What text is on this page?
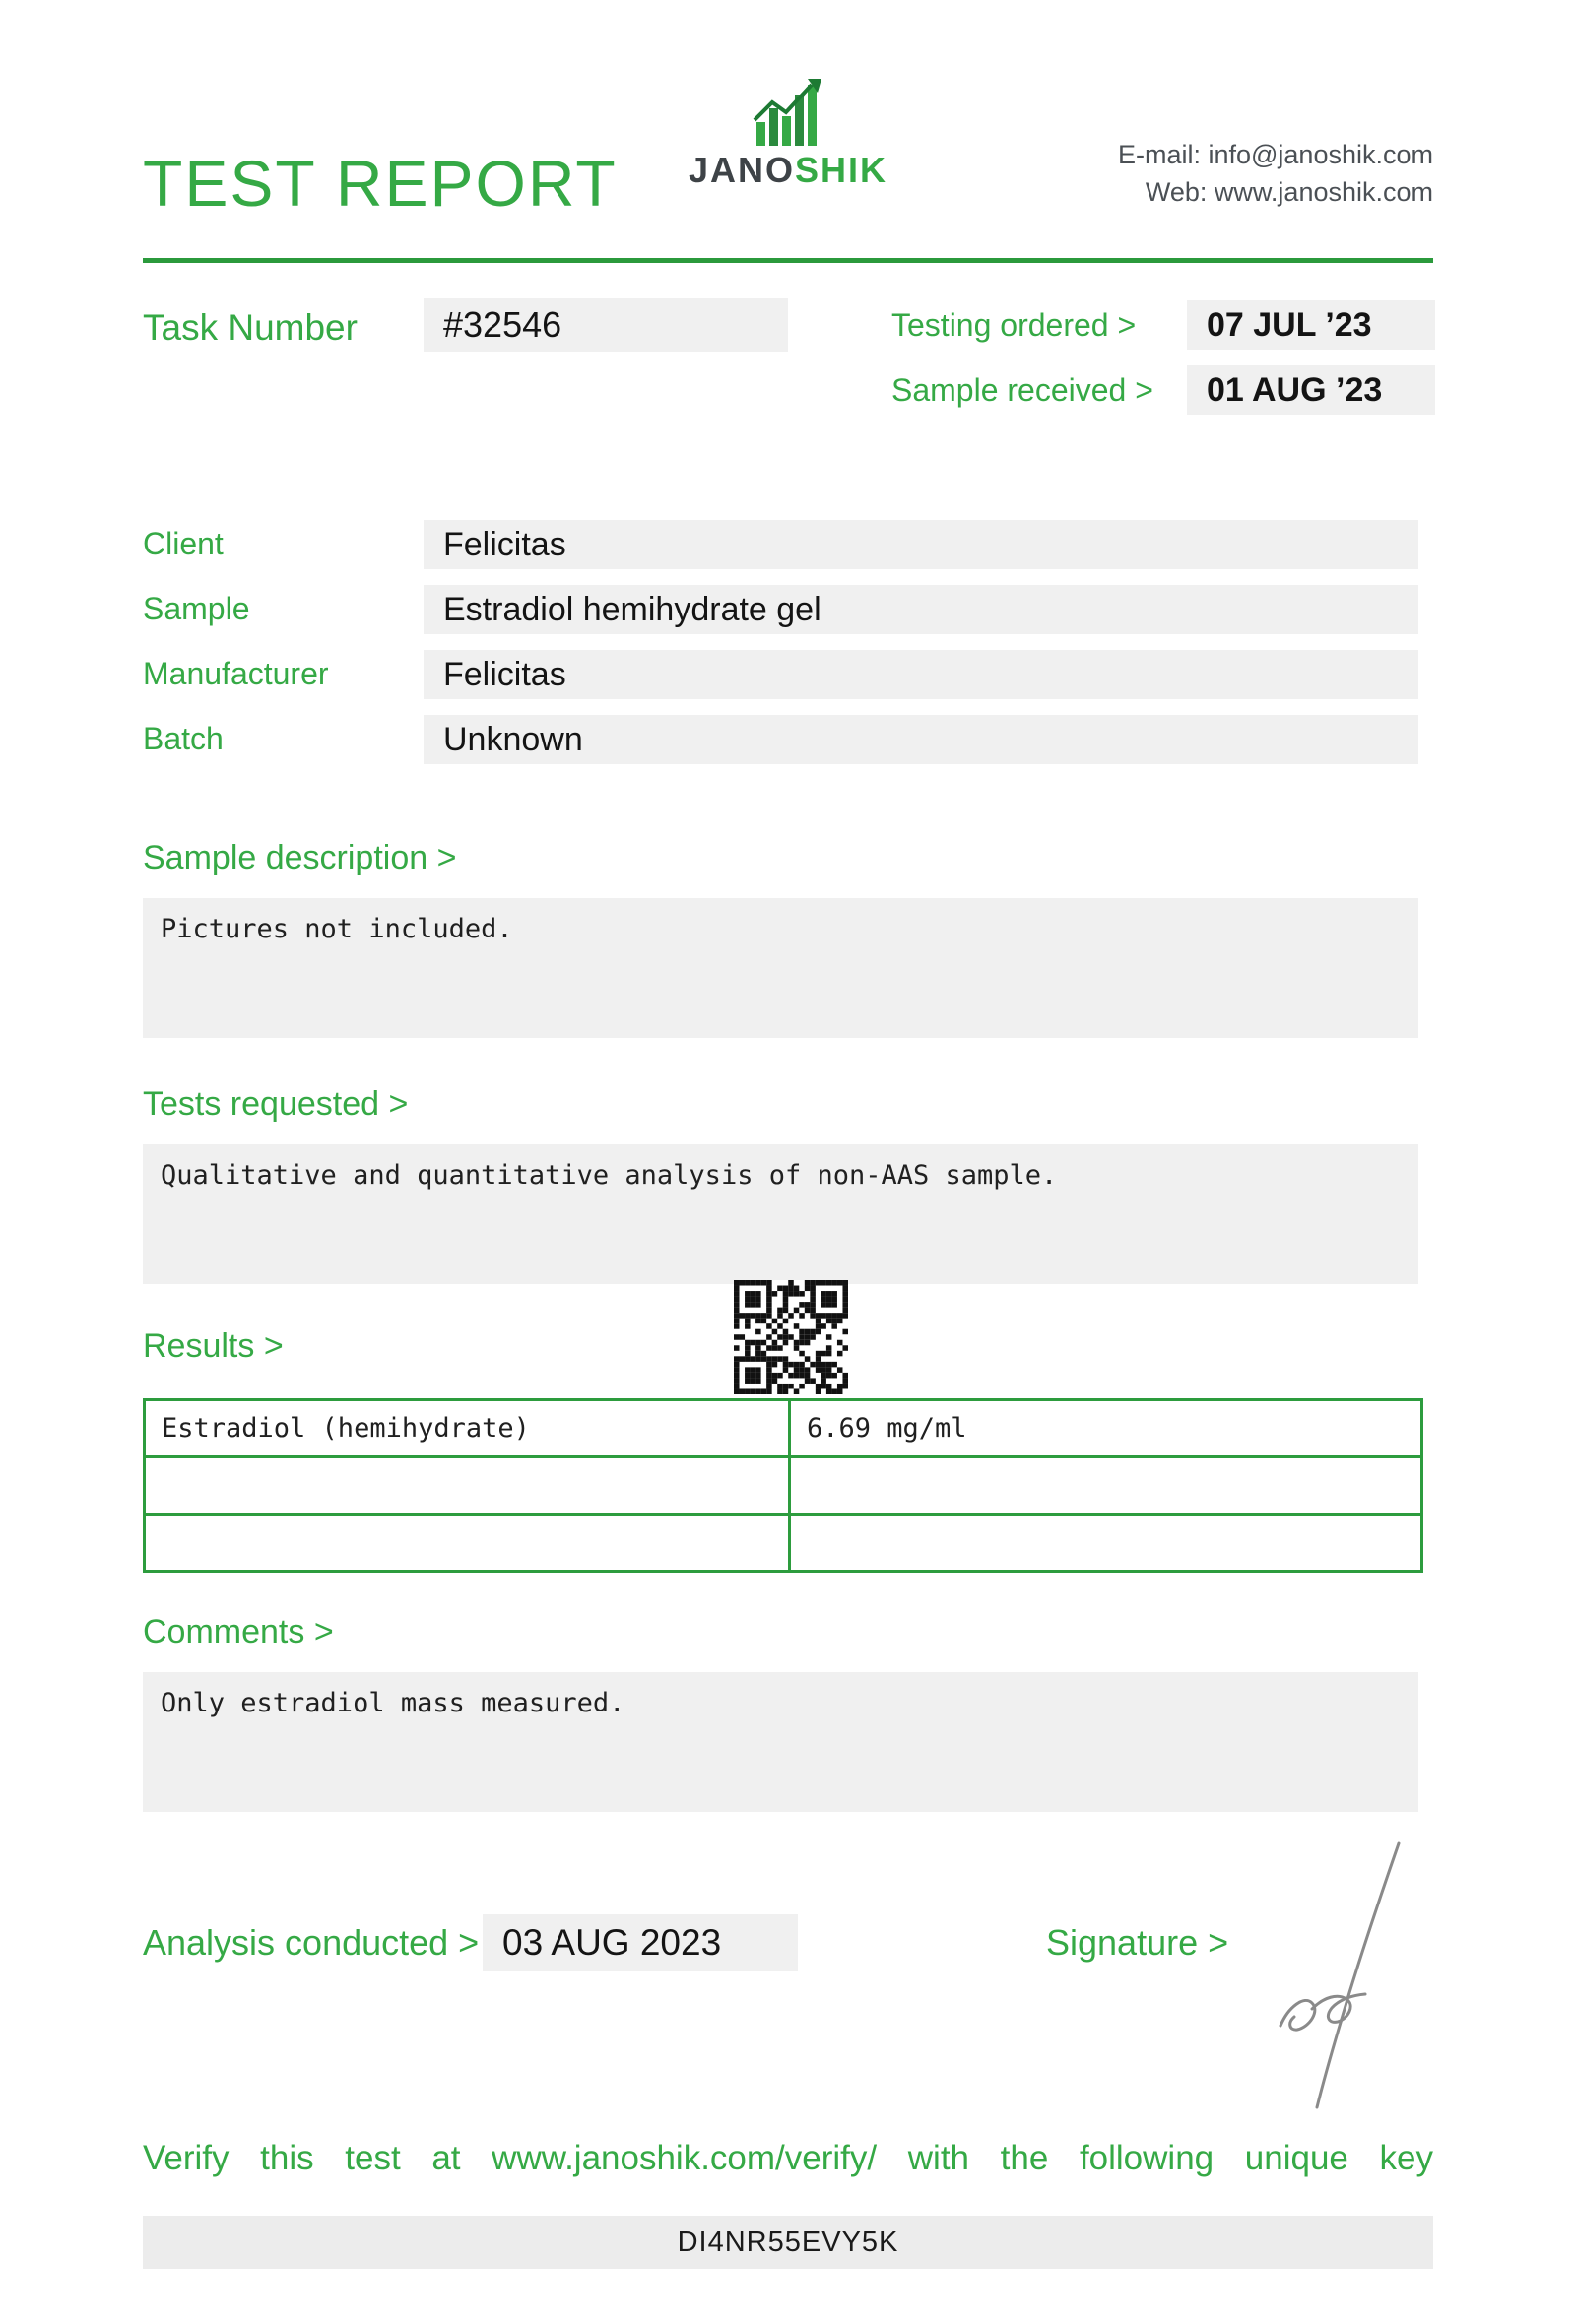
TEST REPORT	JANOSHIK	E-mail: info@janoshik.com
Web: www.janoshik.com
Task Number	#32546	Testing ordered >	07 JUL ’23
Sample received >	01 AUG ’23
Client	Felicitas
Sample	Estradiol hemihydrate gel
Manufacturer	Felicitas
Batch	Unknown
Sample description >
Pictures not included.
Tests requested >
Qualitative and quantitative analysis of non-AAS sample.
Results >
Estradiol (hemihydrate)	6.69 mg/ml

Comments >
Only estradiol mass measured.
Analysis conducted > 03 AUG 2023	Signature >
Verify this test at www.janoshik.com/verify/ with the following unique key
DI4NR55EVY5K
